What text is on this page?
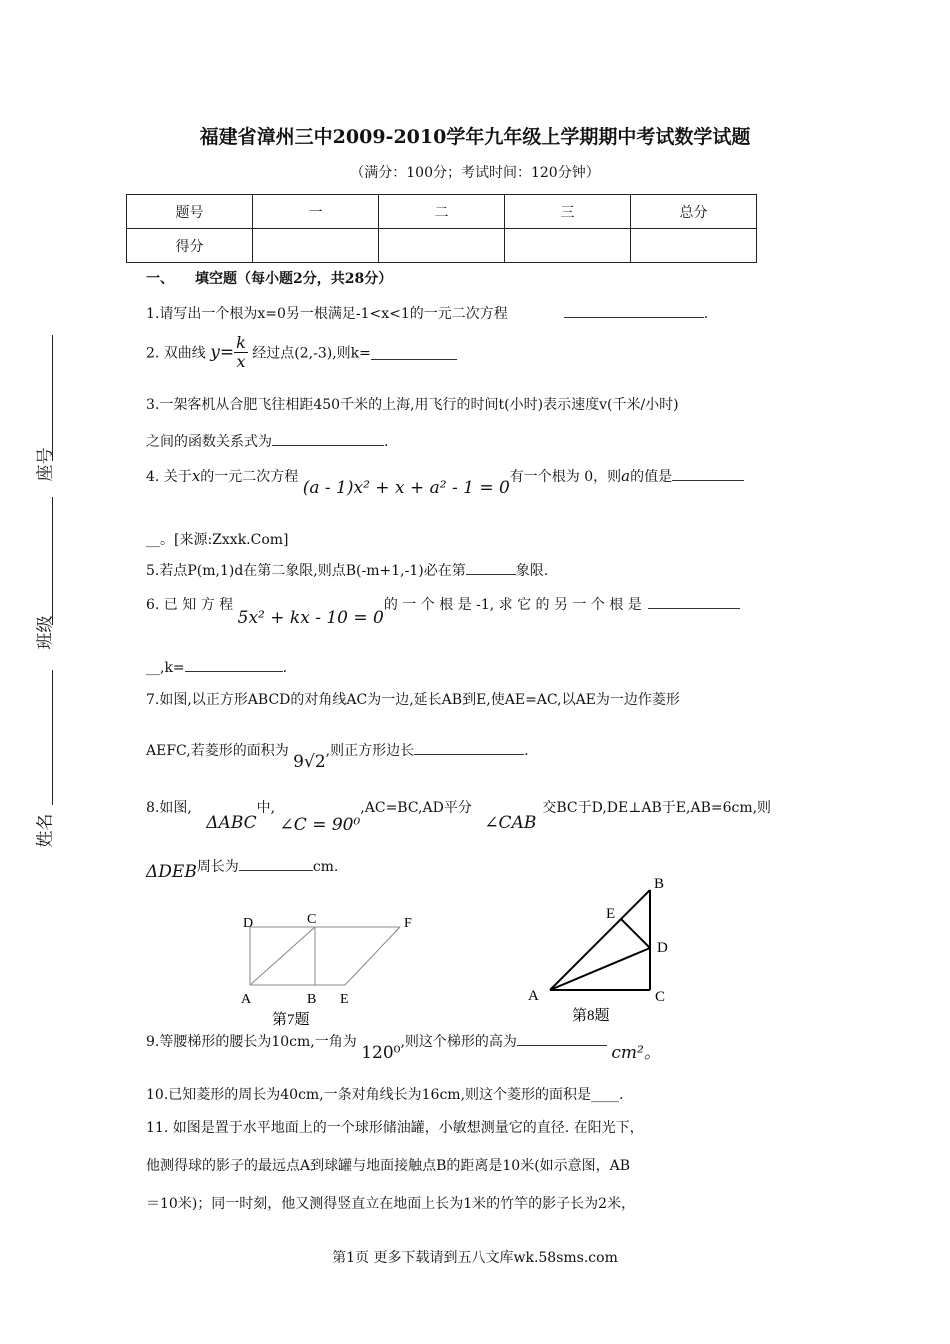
福建省漳州三中2009-2010学年九年级上学期期中考试数学试题
（满分：100分；考试时间：120分钟）
题号	一	二	三	总分
得分				
座号
班级
姓名
一、　　填空题（每小题2分，共28分）
1.请写出一个根为x=0另一根满足-1<x<1的一元二次方程	.
2. 双曲线 $y= \frac{k}{x}$ 经过点(2,-3),则k=
3.一架客机从合肥飞往相距450千米的上海,用飞行的时间t(小时)表示速度v(千米/小时)
之间的函数关系式为	.
4. 关于x的一元二次方程 (a - 1)x² + x + a² - 1 = 0有一个根为 0，则a的值是
__。[来源:Zxxk.Com]
5.若点P(m,1)d在第二象限,则点B(-m+1,-1)必在第	象限.
6. 已 知 方 程 5x² + kx - 10 = 0的 一 个 根 是 -1, 求 它 的 另 一 个 根 是
__,k=	.
7.如图,以正方形ABCD的对角线AC为一边,延长AB到E,使AE=AC,以AE为一边作菱形
AEFC,若菱形的面积为 9√2,则正方形边长	.
8.如图, ΔABC中, ∠C = 90⁰,AC=BC,AD平分 ∠CAB交BC于D,DE⊥AB于E,AB=6cm,则
ΔDEB周长为	cm.
D	C	F
A	B E
第7题
B
E
D
A	C
第8题
9.等腰梯形的腰长为10cm,一角为 120⁰,则这个梯形的高为 cm²。
10.已知菱形的周长为40cm,一条对角线长为16cm,则这个菱形的面积是____.
11. 如图是置于水平地面上的一个球形储油罐，小敏想测量它的直径. 在阳光下，
他测得球的影子的最远点A到球罐与地面接触点B的距离是10米(如示意图，AB
＝10米)；同一时刻，他又测得竖直立在地面上长为1米的竹竿的影子长为2米，
第1页 更多下载请到五八文库wk.58sms.com
